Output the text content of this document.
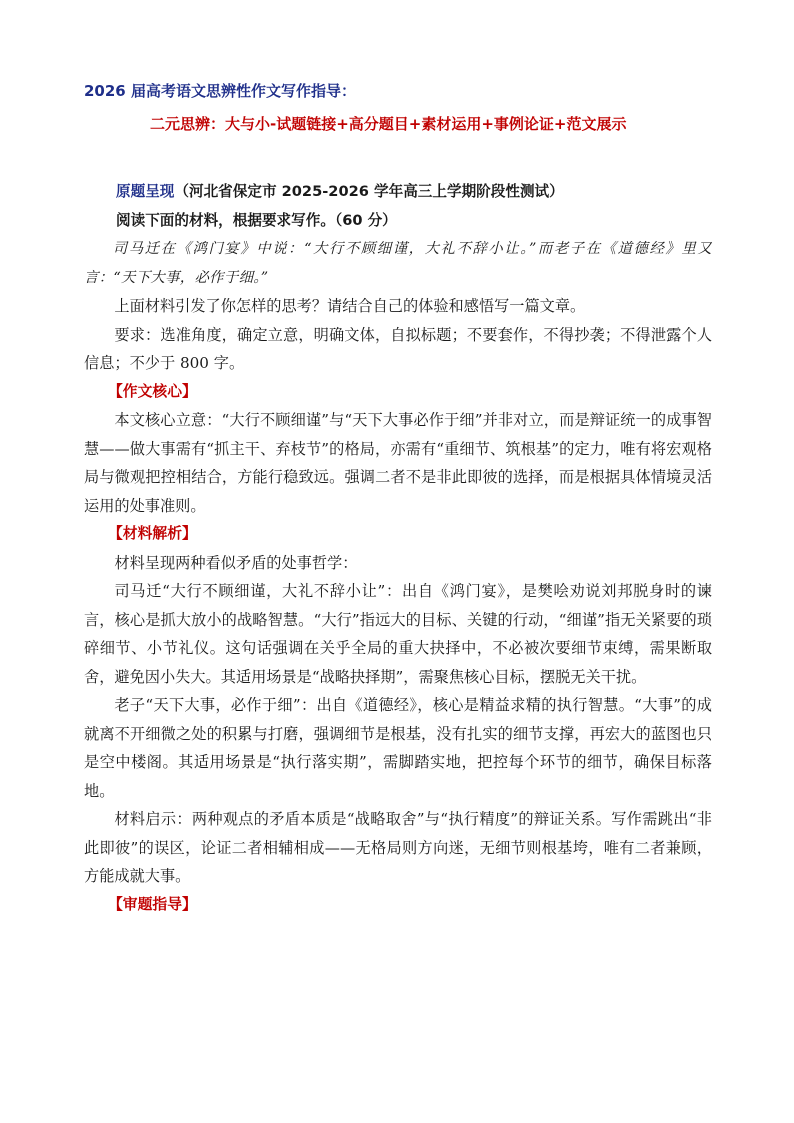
2026 届高考语文思辨性作文写作指导：
二元思辨：大与小-试题链接+高分题目+素材运用+事例论证+范文展示
原题呈现（河北省保定市 2025-2026 学年高三上学期阶段性测试）
阅读下面的材料，根据要求写作。（60 分）

司马迁在《鸿门宴》中说：“大行不顾细谨，大礼不辞小让。”而老子在《道德经》里又言：“天下大事，必作于细。”

上面材料引发了你怎样的思考？请结合自己的体验和感悟写一篇文章。

要求：选准角度，确定立意，明确文体，自拟标题；不要套作，不得抄袭；不得泄露个人信息；不少于 800 字。

【作文核心】

本文核心立意：“大行不顾细谨”与“天下大事必作于细”并非对立，而是辩证统一的成事智慧——做大事需有“抓主干、弃枝节”的格局，亦需有“重细节、筑根基”的定力，唯有将宏观格局与微观把控相结合，方能行稳致远。强调二者不是非此即彼的选择，而是根据具体情境灵活运用的处事准则。

【材料解析】

材料呈现两种看似矛盾的处事哲学：

司马迁“大行不顾细谨，大礼不辞小让”：出自《鸿门宴》，是樊哙劝说刘邦脱身时的谏言，核心是抓大放小的战略智慧。“大行”指远大的目标、关键的行动，“细谨”指无关紧要的琐碎细节、小节礼仪。这句话强调在关乎全局的重大抉择中，不必被次要细节束缚，需果断取舍，避免因小失大。其适用场景是“战略抉择期”，需聚焦核心目标，摆脱无关干扰。

老子“天下大事，必作于细”：出自《道德经》，核心是精益求精的执行智慧。“大事”的成就离不开细微之处的积累与打磨，强调细节是根基，没有扎实的细节支撑，再宏大的蓝图也只是空中楼阁。其适用场景是“执行落实期”，需脚踏实地，把控每个环节的细节，确保目标落地。

材料启示：两种观点的矛盾本质是“战略取舍”与“执行精度”的辩证关系。写作需跳出“非此即彼”的误区，论证二者相辅相成——无格局则方向迷，无细节则根基垮，唯有二者兼顾，方能成就大事。

【审题指导】
